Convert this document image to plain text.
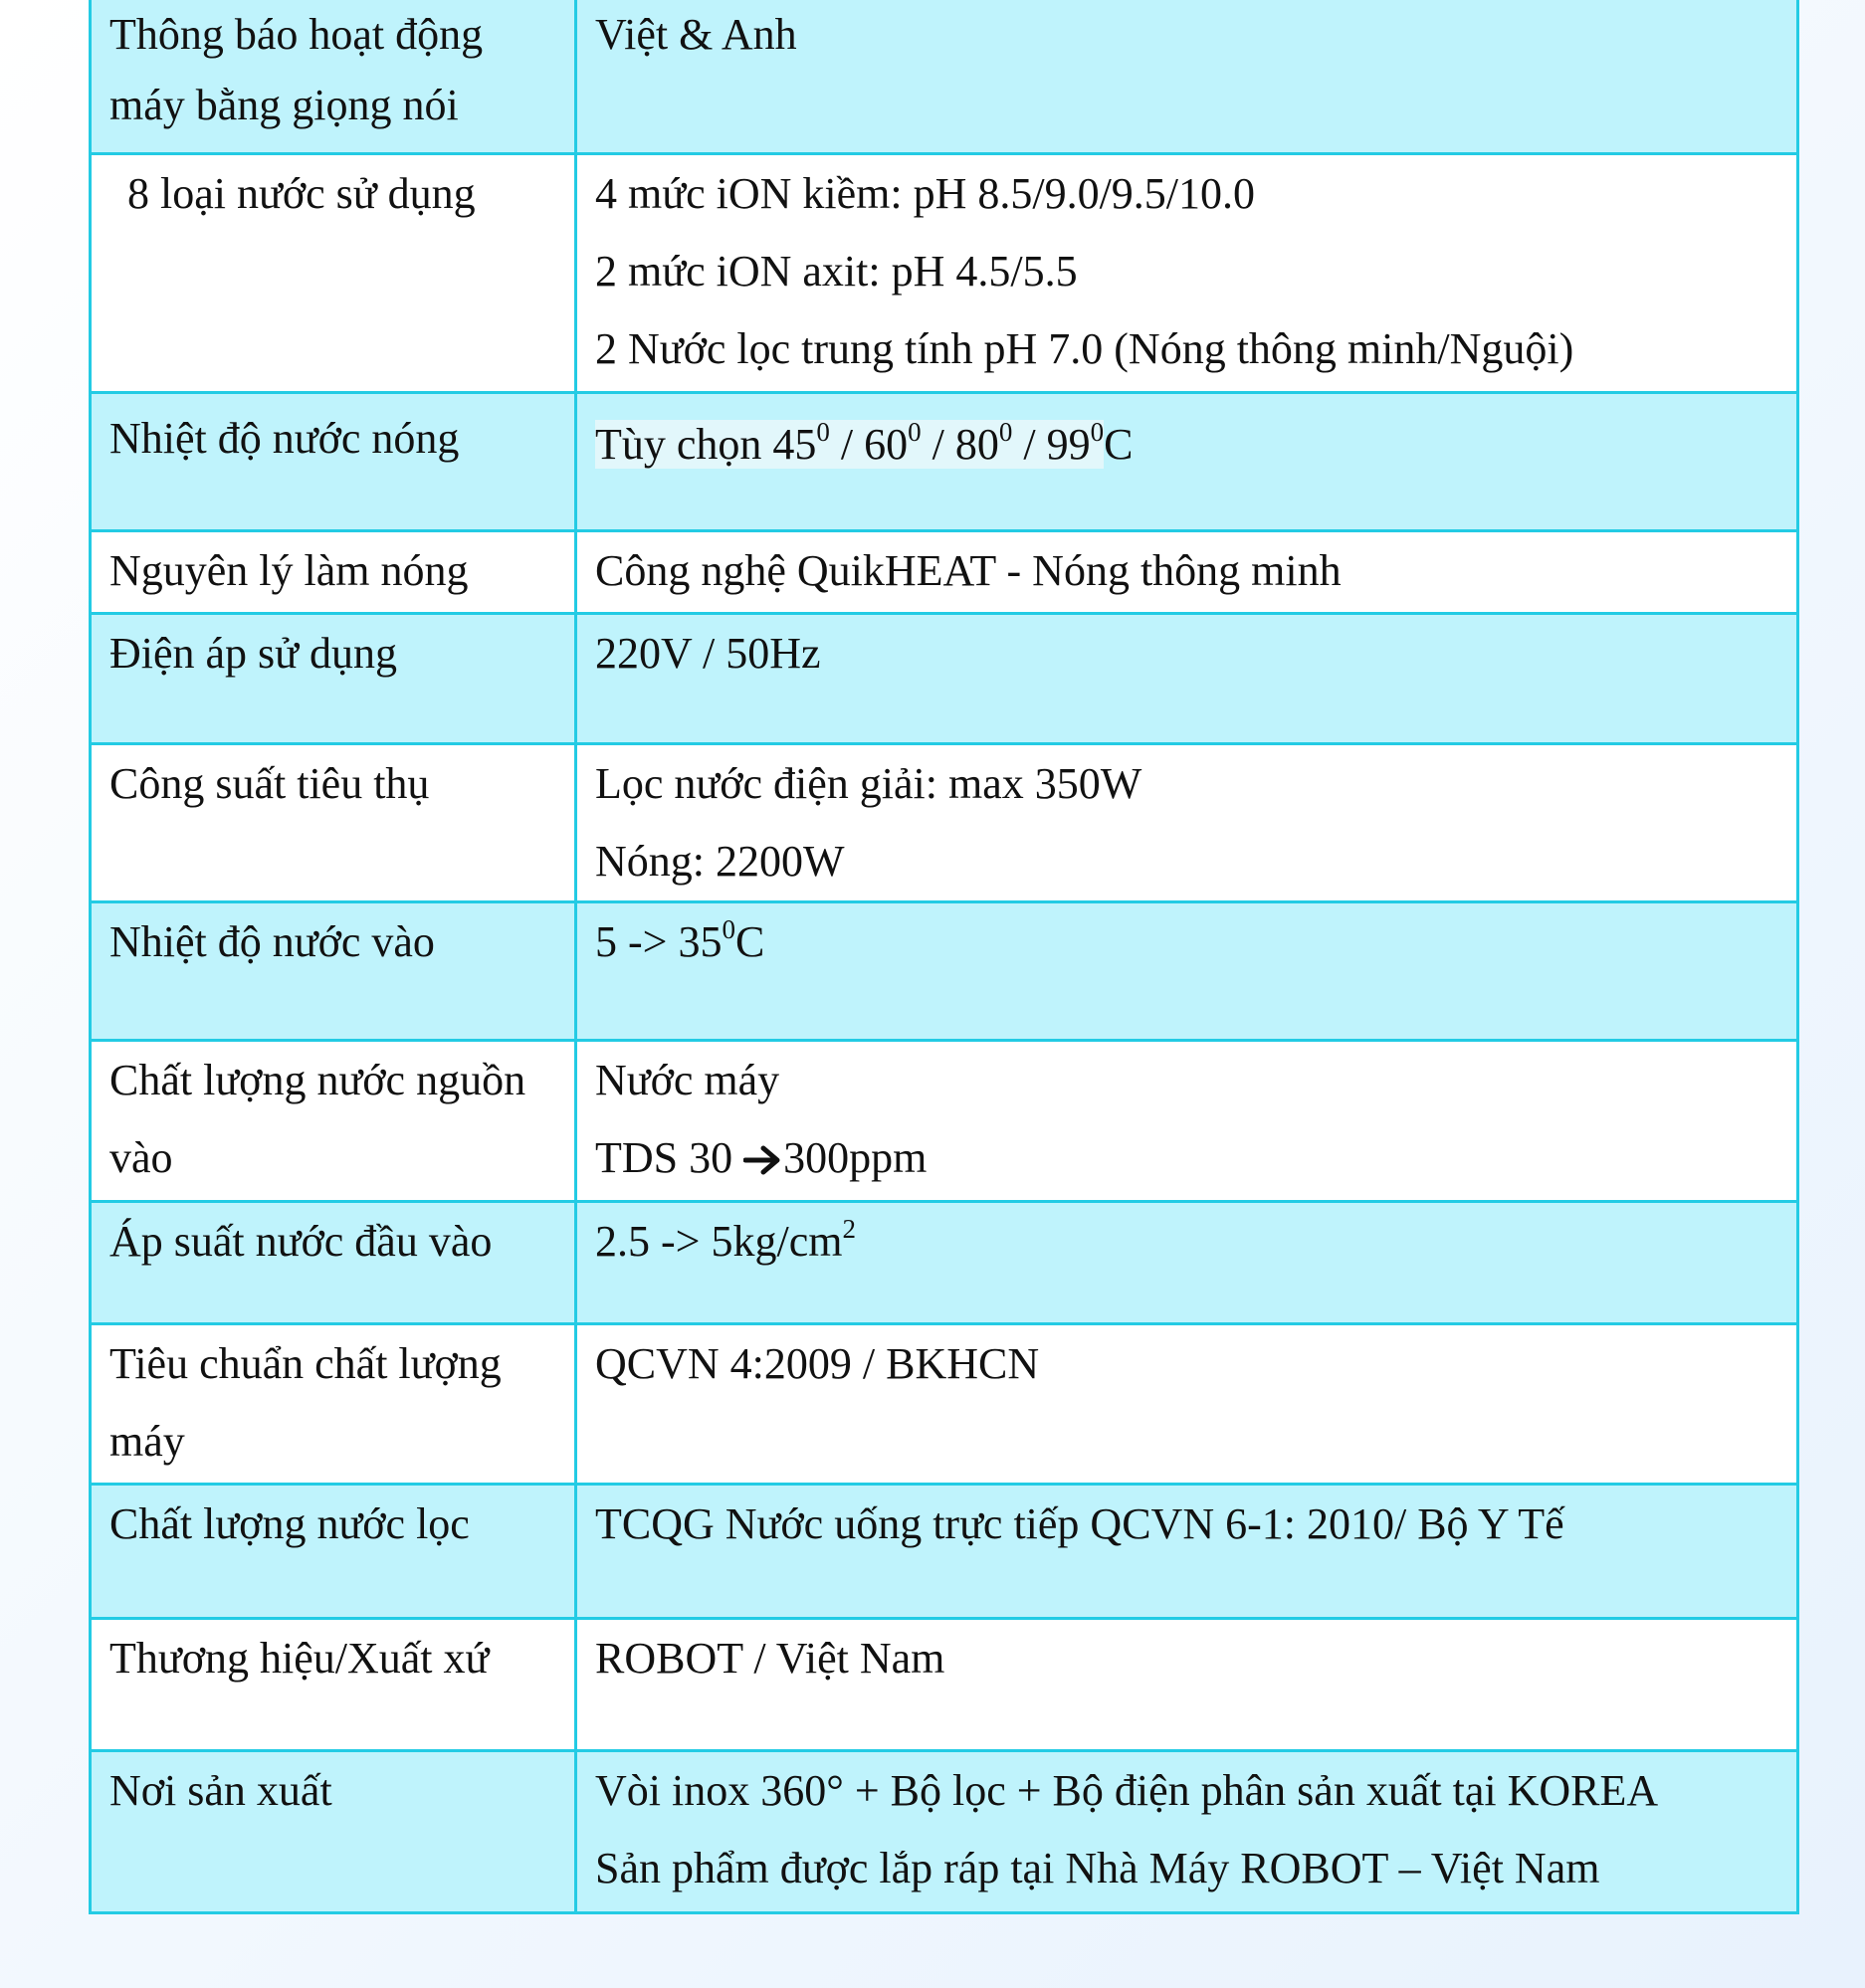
Thông báo hoạt động máy bằng giọng nói	Việt & Anh

8 loại nước sử dụng	4 mức iON kiềm: pH 8.5/9.0/9.5/10.0
2 mức iON axit: pH 4.5/5.5
2 Nước lọc trung tính pH 7.0 (Nóng thông minh/Nguội)

Nhiệt độ nước nóng	Tùy chọn $45^0 / 60^0 / 80^0 / 99^0C$
Nguyên lý làm nóng	Công nghệ QuikHEAT - Nóng thông minh

Điện áp sử dụng	220V / 50Hz

Công suất tiêu thụ	Lọc nước điện giải: max 350W
Nóng: 2200W

Nhiệt độ nước vào	$5 -> 35^0C$
Chất lượng nước nguồn vào	Nước máy
TDS 30 300ppm

Áp suất nước đầu vào	$2.5 -> 5kg/cm^2$
Tiêu chuẩn chất lượng máy	QCVN 4:2009 / BKHCN

Chất lượng nước lọc	TCQG Nước uống trực tiếp QCVN 6-1: 2010/ Bộ Y Tế

Thương hiệu/Xuất xứ	ROBOT / Việt Nam

Nơi sản xuất	Vòi inox 360° + Bộ lọc + Bộ điện phân sản xuất tại KOREA
Sản phẩm được lắp ráp tại Nhà Máy ROBOT – Việt Nam
